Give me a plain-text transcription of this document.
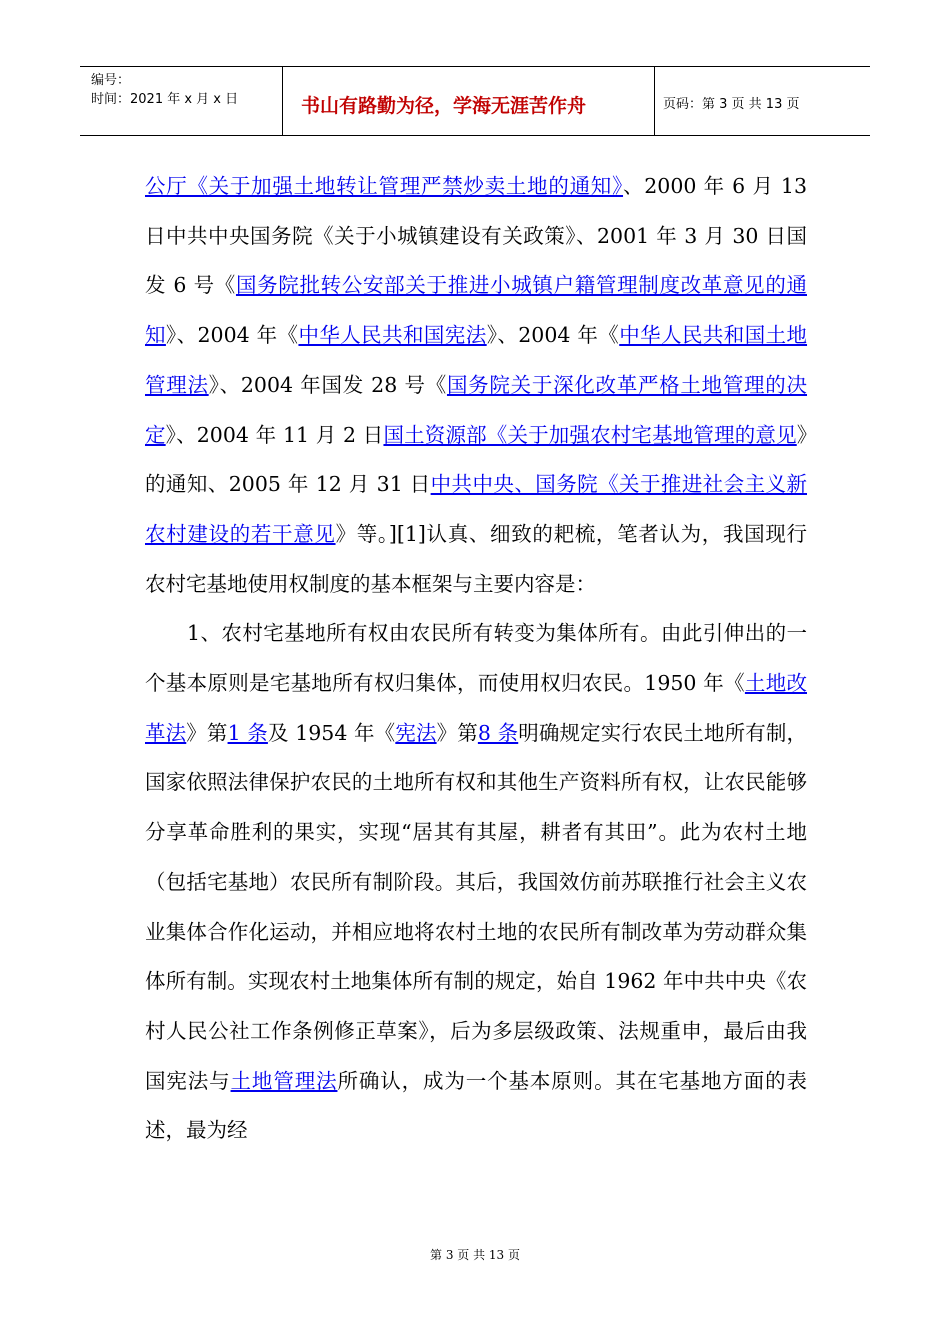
编号：
时间：2021 年 x 月 x 日	书山有路勤为径，学海无涯苦作舟	页码：第 3 页 共 13 页

公厅《关于加强土地转让管理严禁炒卖土地的通知》、2000 年 6 月 13 日中共中央国务院《关于小城镇建设有关政策》、2001 年 3 月 30 日国发 6 号《国务院批转公安部关于推进小城镇户籍管理制度改革意见的通知》、2004 年《中华人民共和国宪法》、2004 年《中华人民共和国土地管理法》、2004 年国发 28 号《国务院关于深化改革严格土地管理的决定》、2004 年 11 月 2 日国土资源部《关于加强农村宅基地管理的意见》的通知、2005 年 12 月 31 日中共中央、国务院《关于推进社会主义新农村建设的若干意见》等。][1]认真、细致的耙梳，笔者认为，我国现行农村宅基地使用权制度的基本框架与主要内容是：

1、农村宅基地所有权由农民所有转变为集体所有。由此引伸出的一个基本原则是宅基地所有权归集体，而使用权归农民。1950 年《土地改革法》第1 条及 1954 年《宪法》第8 条明确规定实行农民土地所有制，国家依照法律保护农民的土地所有权和其他生产资料所有权，让农民能够分享革命胜利的果实，实现“居其有其屋，耕者有其田”。此为农村土地（包括宅基地）农民所有制阶段。其后，我国效仿前苏联推行社会主义农业集体合作化运动，并相应地将农村土地的农民所有制改革为劳动群众集体所有制。实现农村土地集体所有制的规定，始自 1962 年中共中央《农村人民公社工作条例修正草案》，后为多层级政策、法规重申，最后由我国宪法与土地管理法所确认，成为一个基本原则。其在宅基地方面的表述，最为经

第 3 页 共 13 页
